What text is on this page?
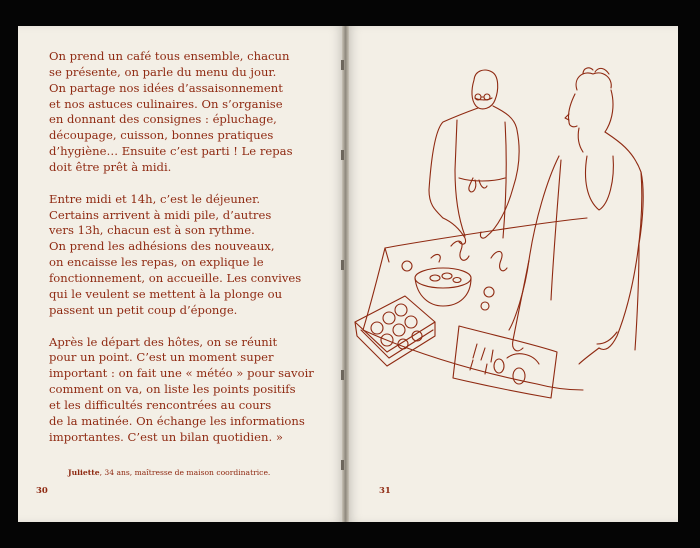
On prend un café tous ensemble, chacun
se présente, on parle du menu du jour.
On partage nos idées d’assaisonnement
et nos astuces culinaires. On s’organise
en donnant des consignes : épluchage,
découpage, cuisson, bonnes pratiques
d’hygiène… Ensuite c’est parti ! Le repas
doit être prêt à midi.

Entre midi et 14h, c’est le déjeuner.
Certains arrivent à midi pile, d’autres
vers 13h, chacun est à son rythme.
On prend les adhésions des nouveaux,
on encaisse les repas, on explique le
fonctionnement, on accueille. Les convives
qui le veulent se mettent à la plonge ou
passent un petit coup d’éponge.

Après le départ des hôtes, on se réunit
pour un point. C’est un moment super
important : on fait une « météo » pour savoir
comment on va, on liste les points positifs
et les difficultés rencontrées au cours
de la matinée. On échange les informations
importantes. C’est un bilan quotidien. »

Juliette, 34 ans, maîtresse de maison coordinatrice.
30	31
